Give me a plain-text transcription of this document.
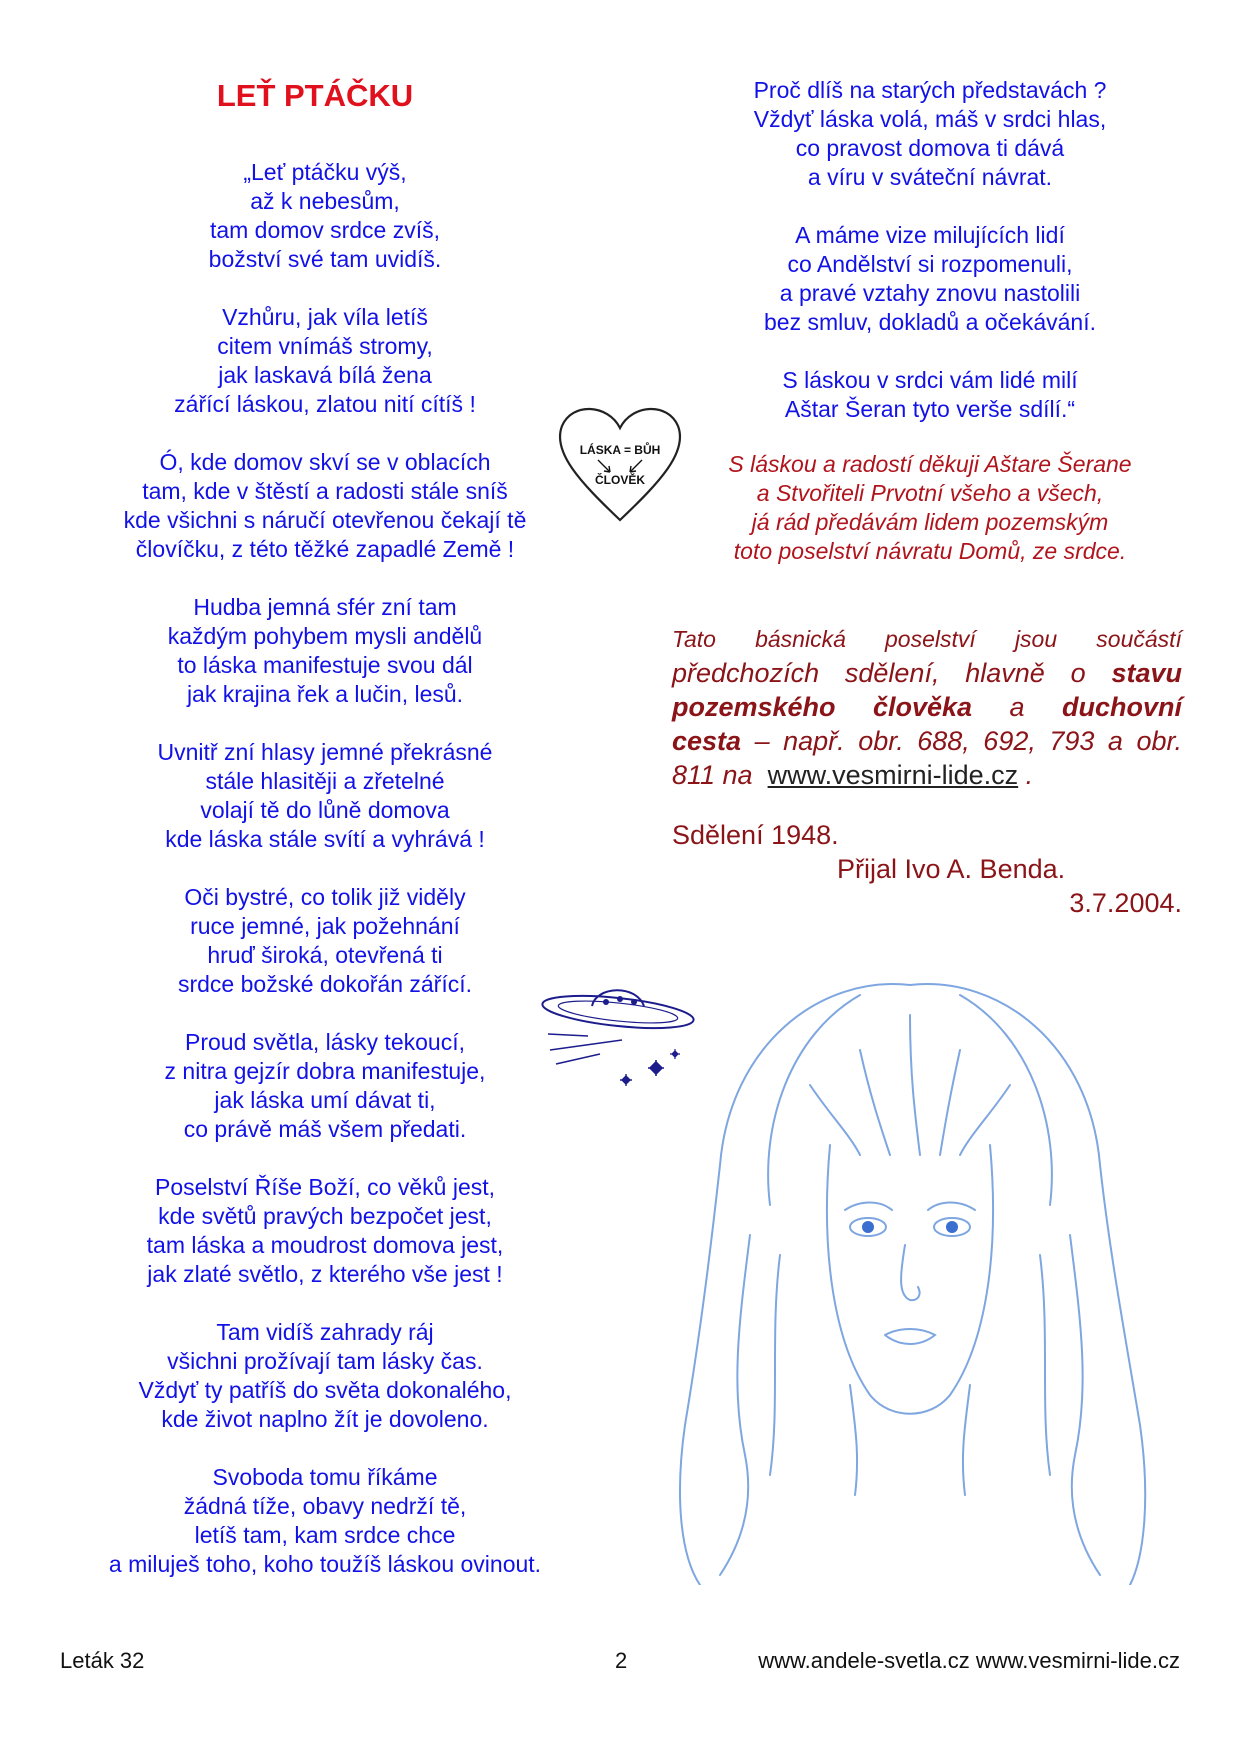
LEŤ PTÁČKU
„Leť ptáčku výš,
až k nebesům,
tam domov srdce zvíš,
božství své tam uvidíš.
Vzhůru, jak víla letíš
citem vnímáš stromy,
jak laskavá bílá žena
zářící láskou, zlatou nití cítíš !
Ó, kde domov skví se v oblacích
tam, kde v štěstí a radosti stále sníš
kde všichni s náručí otevřenou čekají tě
človíčku, z této těžké zapadlé Země !
Hudba jemná sfér zní tam
každým pohybem mysli andělů
to láska manifestuje svou dál
jak krajina řek a lučin, lesů.
Uvnitř zní hlasy jemné překrásné
stále hlasitěji a zřetelné
volají tě do lůně domova
kde láska stále svítí a vyhrává !
Oči bystré, co tolik již viděly
ruce jemné, jak požehnání
hruď široká, otevřená ti
srdce božské dokořán zářící.
Proud světla, lásky tekoucí,
z nitra gejzír dobra manifestuje,
jak láska umí dávat ti,
co právě máš všem předati.
Poselství Říše Boží, co věků jest,
kde světů pravých bezpočet jest,
tam láska a moudrost domova jest,
jak zlaté světlo, z kterého vše jest !
Tam vidíš zahrady ráj
všichni prožívají tam lásky čas.
Vždyť ty patříš do světa dokonalého,
kde život naplno žít je dovoleno.
Svoboda tomu říkáme
žádná tíže, obavy nedrží tě,
letíš tam, kam srdce chce
a miluješ toho, koho toužíš láskou ovinout.
Proč dlíš na starých představách ?
Vždyť láska volá, máš v srdci hlas,
co pravost domova ti dává
a víru v sváteční návrat.
A máme vize milujících lidí
co Andělství si rozpomenuli,
a pravé vztahy znovu nastolili
bez smluv, dokladů a očekávání.
S láskou v srdci vám lidé milí
Aštar Šeran tyto verše sdílí.“
LÁSKA = BŮH
ČLOVĚK
S láskou a radostí děkuji Aštare Šerane
a Stvořiteli Prvotní všeho a všech,
já rád předávám lidem pozemským
toto poselství návratu Domů, ze srdce.
Tato básnická poselství jsou součástí
předchozích sdělení, hlavně o stavu
pozemského člověka a duchovní
cesta – např. obr. 688, 692, 793 a obr.
811 na www.vesmirni-lide.cz .
Sdělení 1948.
Přijal Ivo A. Benda.
3.7.2004.
Leták 32	2	www.andele-svetla.cz www.vesmirni-lide.cz
